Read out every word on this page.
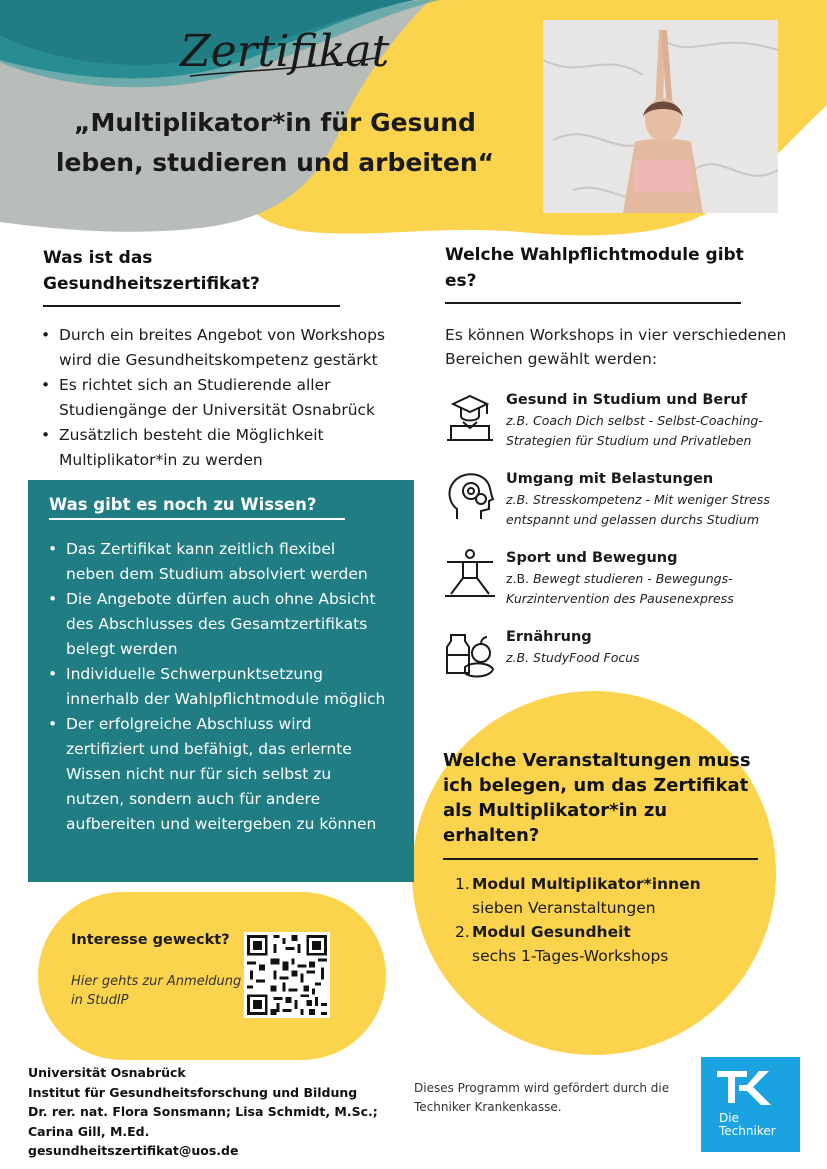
Zertifikat
„Multiplikator*in für Gesund
leben, studieren und arbeiten“
Was ist das Gesundheitszertifikat?
• Durch ein breites Angebot von Workshops wird die Gesundheitskompetenz gestärkt
• Es richtet sich an Studierende aller Studiengänge der Universität Osnabrück
• Zusätzlich besteht die Möglichkeit Multiplikator*in zu werden
Was gibt es noch zu Wissen?
• Das Zertifikat kann zeitlich flexibel neben dem Studium absolviert werden
• Die Angebote dürfen auch ohne Absicht des Abschlusses des Gesamtzertifikats belegt werden
• Individuelle Schwerpunktsetzung innerhalb der Wahlpflichtmodule möglich
• Der erfolgreiche Abschluss wird zertifiziert und befähigt, das erlernte Wissen nicht nur für sich selbst zu nutzen, sondern auch für andere aufbereiten und weitergeben zu können
Welche Wahlpflichtmodule gibt es?
Es können Workshops in vier verschiedenen Bereichen gewählt werden:
Gesund in Studium und Beruf
z.B. Coach Dich selbst - Selbst-Coaching-Strategien für Studium und Privatleben
Umgang mit Belastungen
z.B. Stresskompetenz - Mit weniger Stress entspannt und gelassen durchs Studium
Sport und Bewegung
z.B. Bewegt studieren - Bewegungs-Kurzintervention des Pausenexpress
Ernährung
z.B. StudyFood Focus
Welche Veranstaltungen muss ich belegen, um das Zertifikat als Multiplikator*in zu erhalten?
1. Modul Multiplikator*innen
sieben Veranstaltungen
2. Modul Gesundheit
sechs 1-Tages-Workshops
Interesse geweckt?
Hier gehts zur Anmeldung in StudIP
Universität Osnabrück
Institut für Gesundheitsforschung und Bildung
Dr. rer. nat. Flora Sonsmann; Lisa Schmidt, M.Sc.;
Carina Gill, M.Ed.
gesundheitszertifikat@uos.de
Dieses Programm wird gefördert durch die Techniker Krankenkasse.
Die
Techniker
